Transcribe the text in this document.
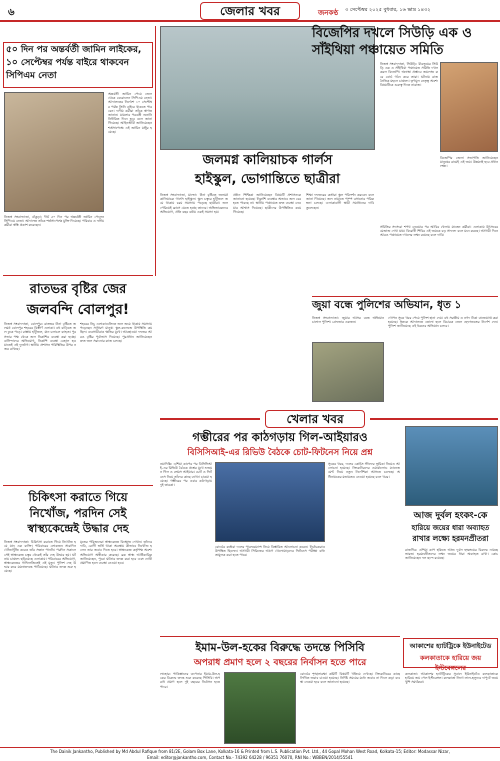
৬	জেলার খবর	জনকণ্ঠ ৩ সেপ্টেম্বর ২০২৫ বুধবার, ১৬ ভাদ্র ১৪৩২
৫০ দিন পর অন্তর্বর্তী জামিন লাইকের, ১০ সেপ্টেম্বর পর্যন্ত বাইরে থাকবেন সিপিএম নেতা
অন্তর্বর্তী জামিন পেয়ে জেল থেকে বেরোলেন সিপিএম নেতা। আদালতের নির্দেশে ১০ সেপ্টেম্বর পর্যন্ত তিনি বাইরে থাকতে পারবেন। দলীয় কর্মীরা তাঁকে স্বাগত জানান। মামলার পরবর্তী শুনানি নির্ধারিত দিনে হবে বলে জানা গিয়েছে। আইনজীবী জানিয়েছেন শর্তসাপেক্ষে এই জামিন মঞ্জুর হয়েছে।
নিজস্ব সংবাদদাতা, বাঁকুড়া: দীর্ঘ ৫০ দিন পর অন্তর্বর্তী জামিন পেলেন সিপিএম নেতা। আদালত তাঁকে শর্তসাপেক্ষে মুক্তি দিয়েছে। পরিবার ও দলীয় কর্মীরা স্বস্তি প্রকাশ করেছেন।
রাতভর বৃষ্টির জের
জলবন্দি বোলপুর!
নিজস্ব সংবাদদাতা, বোলপুর: রাতভর টানা বৃষ্টিতে জলমগ্ন বোলপুর শহরের বিস্তীর্ণ এলাকা। বহু বাড়িতে জল ঢুকে পড়ে। রাস্তায় হাঁটুজল, যান চলাচল ব্যাহত। পুরসভার পক্ষ থেকে জল নিকাশির ব্যবস্থা করা হচ্ছে। বাসিন্দাদের অভিযোগ, নিকাশি ব্যবস্থা বেহাল হওয়াতেই এই দুর্ভোগ। স্থানীয় প্রশাসন পরিস্থিতির উপর নজর রাখছে।
শহরের নিচু এলাকাগুলিতে জল জমে থাকায় সমস্যায় পড়েছেন সাধারণ মানুষ। স্কুল-কলেজে উপস্থিতি কম ছিল। ব্যবসায়ীরাও ক্ষতির মুখে। আবহাওয়া দফতর আরও বৃষ্টির পূর্বাভাস দিয়েছে। পুরপ্রধান জানিয়েছেন দ্রুত জল সরানোর কাজ চলছে।
চিকিৎসা করাতে গিয়ে
নিখোঁজ, পরদিন সেই
স্বাস্থ্যকেন্দ্রেই উদ্ধার দেহ
নিজস্ব সংবাদদাতা: চিকিৎসা করাতে গিয়ে নিখোঁজ হয়ে যান এক ব্যক্তি। পরিবারের লোকজন সারাদিন খোঁজাখুঁজি করেও তাঁর সন্ধান পাননি। পরদিন সকালে সেই স্বাস্থ্যকেন্দ্র চত্বর থেকেই তাঁর দেহ উদ্ধার হয়। ঘটনায় চাঞ্চল্য ছড়িয়েছে এলাকায়। পরিবারের অভিযোগ, স্বাস্থ্যকেন্দ্রের গাফিলতিতেই এই মৃত্যু। পুলিশ দেহ উদ্ধার করে ময়নাতদন্তে পাঠিয়েছে। ঘটনার তদন্ত শুরু হয়েছে।
মৃতের পরিজনেরা স্বাস্থ্যকেন্দ্রে বিক্ষোভ দেখান। তাঁদের দাবি, রোগী ভর্তি থাকা অবস্থায় কীভাবে নিখোঁজ হলেন তার জবাব দিতে হবে। স্বাস্থ্যকেন্দ্র কর্তৃপক্ষ অবশ্য অভিযোগ অস্বীকার করেছে। ব্লক স্বাস্থ্য আধিকারিক জানিয়েছেন, পুরো ঘটনার তদন্ত করা হবে এবং দোষী প্রমাণিত হলে ব্যবস্থা নেওয়া হবে।
জলমগ্ন কালিয়াচক গার্লস
হাইস্কুল, ভোগান্তিতে ছাত্রীরা
নিজস্ব সংবাদদাতা, মালদা: টানা বৃষ্টিতে জলমগ্ন কালিয়াচক গার্লস হাইস্কুল। স্কুল চত্বরে হাঁটুজল জমে থাকায় চরম সমস্যায় পড়েছে ছাত্রীরা। জল পেরিয়েই ক্লাসে যেতে হচ্ছে তাদের। অভিভাবকদের অভিযোগ, প্রতি বছর বর্ষায় একই সমস্যা হয়।
প্রধান শিক্ষিকা জানিয়েছেন বিষয়টি প্রশাসনকে জানানো হয়েছে। নিকাশি ব্যবস্থার অভাবে জল বের হতে পারছে না। স্থানীয় পঞ্চায়েত দ্রুত ব্যবস্থা নেওয়ার আশ্বাস দিয়েছে। ছাত্রীদের উপস্থিতিও কমে গিয়েছে।
শিক্ষা দফতরের কর্তারা স্কুল পরিদর্শন করবেন বলে জানা গিয়েছে। জল নামাতে পাম্প বসানোর পরিকল্পনা চলছে। এলাকাবাসী স্থায়ী সমাধানের দাবি তুলেছেন।
বিজেপির দখলে সিউড়ি এক ও সাঁইথিয়া পঞ্চায়েত সমিতি
নিজস্ব সংবাদদাতা, সিউড়ি: বীরভূমের সিউড়ি এক ও সাঁইথিয়া পঞ্চায়েত সমিতি দখল করল বিজেপি। অনাস্থা প্রস্তাবে জয়লাভ করে বোর্ড গঠন করে তারা। ঘটনায় রাজনৈতিক মহলে চাঞ্চল্য। তৃণমূল নেতৃত্ব অবশ্য বিষয়টিকে গুরুত্ব দিতে নারাজ।
বিজেপির জেলা সভাপতি জানিয়েছেন মানুষের রায়েই এই জয়। উন্নয়নই হবে প্রধান লক্ষ্য।
সমিতির সদস্যরা শপথ নেওয়ার পর আবির খেলায় মাতেন কর্মীরা। এলাকায় উৎসবের মেজাজ দেখা যায়। বিরোধী শিবির এই জয়কে বড় সাফল্য বলে মনে করছে। আগামী দিনে আরও পঞ্চায়েত দখলের লক্ষ্য রয়েছে বলে দাবি।
জুয়া বন্ধে পুলিশের অভিযান, ধৃত ১
নিজস্ব সংবাদদাতা: জুয়ার আসর বন্ধে অভিযান চালাল পুলিশ। গ্রেফতার একজন।
গোপন সূত্রে খবর পেয়ে পুলিশ হানা দেয়। বহু সরঞ্জাম ও নগদ টাকা বাজেয়াপ্ত করা হয়েছে। ধৃতকে আদালতে তোলা হলে বিচারক জেল হেফাজতের নির্দেশ দেন। পুলিশ জানিয়েছে এই ধরনের অভিযান চলবে।
খেলার খবর
গম্ভীরের পর কাঠগড়ায় গিল-আইয়ারও
বিসিসিআই-এর রিভিউ বৈঠকে চোট-ফিটনেস নিয়ে প্রশ্ন
নয়াদিল্লি: এশিয়া কাপের পর বিসিসিআই-এর রিভিউ বৈঠকে প্রশ্নের মুখে শুভমন গিল ও শ্রেয়স আইয়ার। চোট ও ফিটনেস নিয়ে তাঁদের কাছে ব্যাখ্যা চাওয়া হয়েছে। গম্ভীরের পর এবার কাঠগড়ায় দুই তারকা।
বোর্ডের কর্তারা দলের পারফরম্যান্স নিয়ে বিস্তারিত আলোচনা করেন। নির্বাচকরাও উপস্থিত ছিলেন। আগামী সিরিজের আগে খেলোয়াড়দের ফিটনেস পরীক্ষা বাধ্যতামূলক করা হতে পারে।
সূত্রের খবর, দলের কোচিং স্টাফের ভূমিকা নিয়েও আলোচনা হয়েছে। ক্রিকেটারদের ওয়ার্কলোড ম্যানেজমেন্ট নিয়ে নতুন নির্দেশিকা আসতে চলেছে। অধিনায়কের মতামতও নেওয়া হয়েছে বলে খবর।
আজ দুর্বল হংকং-কে
হারিয়ে জয়ের ধারা অব্যাহত
রাখার লক্ষ্যে হরমনপ্রীতরা
রাজগির: এশিয়া কাপ হকিতে আজ দুর্বল হংকংয়ের বিরুদ্ধে নামছে ভারত। হরমনপ্রীতদের লক্ষ্য জয়ের ধারা অব্যাহত রাখা। কোচ জানিয়েছেন দল ছন্দে রয়েছে।
ইমাম-উল-হকের বিরুদ্ধে তদন্তে পিসিবি
অপরাধ প্রমাণ হলে ২ বছরের নির্বাসন হতে পারে
লাহোর: পাকিস্তানের ওপেনার ইমাম-উল-হকের বিরুদ্ধে তদন্ত শুরু করেছে পিসিবি। অপরাধ প্রমাণ হলে দুই বছরের নির্বাসন হতে পারে।
বোর্ডের শৃঙ্খলারক্ষা কমিটি বিষয়টি খতিয়ে দেখছে। ক্রিকেটারের কাছে লিখিত জবাব চাওয়া হয়েছে। নির্দিষ্ট সময়ের মধ্যে জবাব না দিলে কড়া ব্যবস্থা নেওয়া হবে বলে জানানো হয়েছে।
আকাশের হ্যাটট্রিকে ইউনাইটেড
কলকাতাকে হারিয়ে জয় ইস্টবেঙ্গলের
কলকাতা: আকাশের হ্যাটট্রিকের সুবাদে ইউনাইটেড কলকাতাকে হারিয়ে জয় পেল ইস্টবেঙ্গল। কলকাতা লিগে লাল-হলুদের দাপুটে জয়ে খুশি সমর্থকরা।
The Dainik Jankantho, Published by Md Abdul Rafique from 81/2E, Golam Box Lane, Kolkata-16 & Printed from L.S. Publication Pvt. Ltd., 44 Gopal Mohan West Road, Kolkata-15; Editor: Modassar Nizar,
Email: editor@jankantho.com, Contact No.- 74392 64228 / 96351 76070, RNI No.: WBBEN/2014/55541
